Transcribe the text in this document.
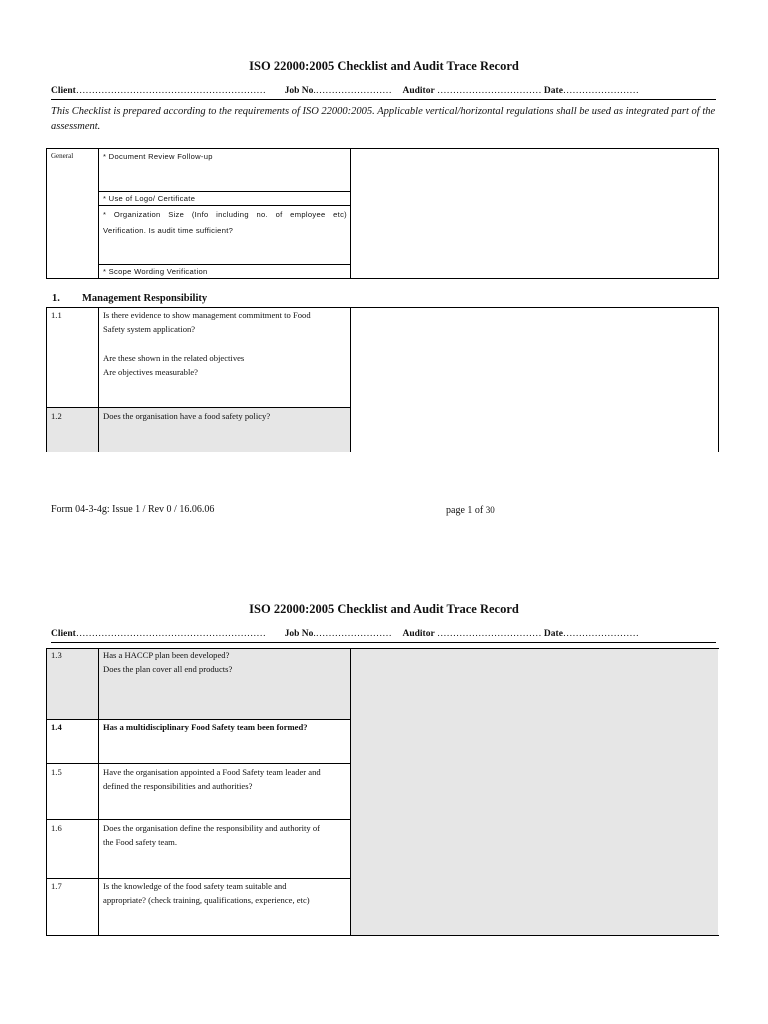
ISO 22000:2005 Checklist and Audit Trace Record
Client…………………………………………………… Job No.…………………… Auditor …………………………… Date……………………
This Checklist is prepared according to the requirements of ISO 22000:2005. Applicable vertical/horizontal regulations shall be used as integrated part of the assessment.
General	* Document Review Follow-up
* Use of Logo/ Certificate
* Organization Size (Info including no. of employee etc) Verification. Is audit time sufficient?
* Scope Wording Verification
1. Management Responsibility
1.1	Is there evidence to show management commitment to Food
Safety system application?
Are these shown in the related objectives
Are objectives measurable?
1.2	Does the organisation have a food safety policy?
Form 04-3-4g: Issue 1 / Rev 0 / 16.06.06	page 1 of 30
ISO 22000:2005 Checklist and Audit Trace Record
Client…………………………………………………… Job No.…………………… Auditor …………………………… Date……………………
1.3	Has a HACCP plan been developed?
Does the plan cover all end products?
1.4	Has a multidisciplinary Food Safety team been formed?
1.5	Have the organisation appointed a Food Safety team leader and
defined the responsibilities and authorities?
1.6	Does the organisation define the responsibility and authority of
the Food safety team.
1.7	Is the knowledge of the food safety team suitable and
appropriate? (check training, qualifications, experience, etc)
